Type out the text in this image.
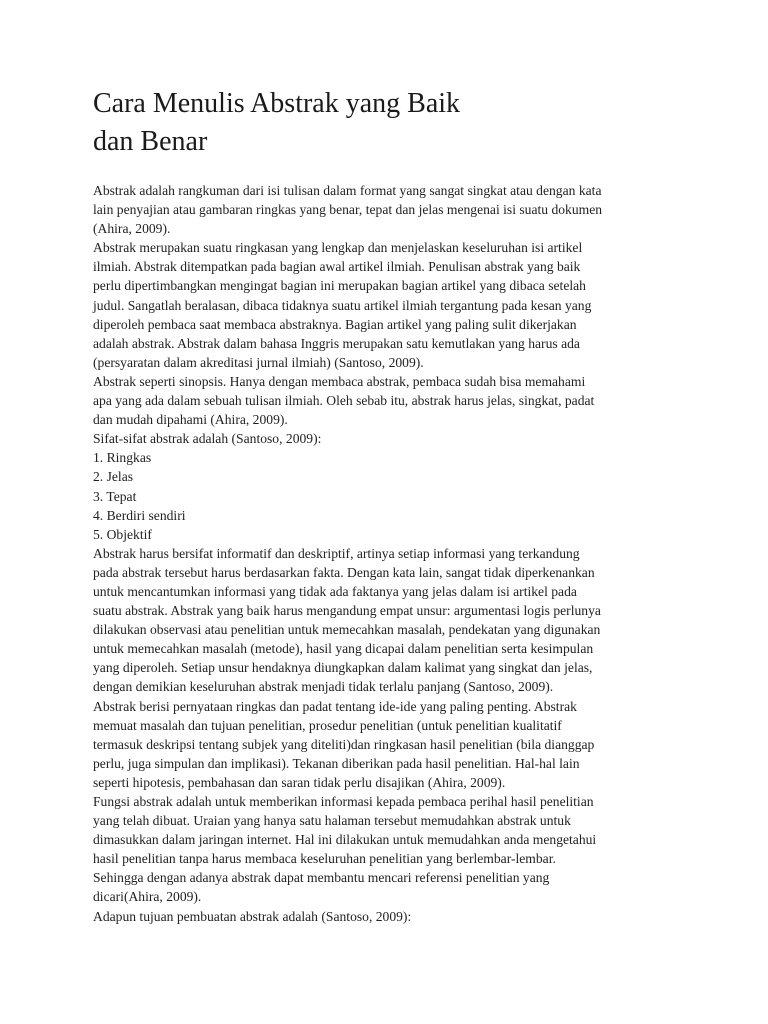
Cara Menulis Abstrak yang Baik
dan Benar
Abstrak adalah rangkuman dari isi tulisan dalam format yang sangat singkat atau dengan kata
lain penyajian atau gambaran ringkas yang benar, tepat dan jelas mengenai isi suatu dokumen
(Ahira, 2009).
Abstrak merupakan suatu ringkasan yang lengkap dan menjelaskan keseluruhan isi artikel
ilmiah. Abstrak ditempatkan pada bagian awal artikel ilmiah. Penulisan abstrak yang baik
perlu dipertimbangkan mengingat bagian ini merupakan bagian artikel yang dibaca setelah
judul. Sangatlah beralasan, dibaca tidaknya suatu artikel ilmiah tergantung pada kesan yang
diperoleh pembaca saat membaca abstraknya. Bagian artikel yang paling sulit dikerjakan
adalah abstrak. Abstrak dalam bahasa Inggris merupakan satu kemutlakan yang harus ada
(persyaratan dalam akreditasi jurnal ilmiah) (Santoso, 2009).
Abstrak seperti sinopsis. Hanya dengan membaca abstrak, pembaca sudah bisa memahami
apa yang ada dalam sebuah tulisan ilmiah. Oleh sebab itu, abstrak harus jelas, singkat, padat
dan mudah dipahami (Ahira, 2009).
Sifat-sifat abstrak adalah (Santoso, 2009):
1. Ringkas
2. Jelas
3. Tepat
4. Berdiri sendiri
5. Objektif
Abstrak harus bersifat informatif dan deskriptif, artinya setiap informasi yang terkandung
pada abstrak tersebut harus berdasarkan fakta. Dengan kata lain, sangat tidak diperkenankan
untuk mencantumkan informasi yang tidak ada faktanya yang jelas dalam isi artikel pada
suatu abstrak. Abstrak yang baik harus mengandung empat unsur: argumentasi logis perlunya
dilakukan observasi atau penelitian untuk memecahkan masalah, pendekatan yang digunakan
untuk memecahkan masalah (metode), hasil yang dicapai dalam penelitian serta kesimpulan
yang diperoleh. Setiap unsur hendaknya diungkapkan dalam kalimat yang singkat dan jelas,
dengan demikian keseluruhan abstrak menjadi tidak terlalu panjang (Santoso, 2009).
Abstrak berisi pernyataan ringkas dan padat tentang ide-ide yang paling penting. Abstrak
memuat masalah dan tujuan penelitian, prosedur penelitian (untuk penelitian kualitatif
termasuk deskripsi tentang subjek yang diteliti)dan ringkasan hasil penelitian (bila dianggap
perlu, juga simpulan dan implikasi). Tekanan diberikan pada hasil penelitian. Hal-hal lain
seperti hipotesis, pembahasan dan saran tidak perlu disajikan (Ahira, 2009).
Fungsi abstrak adalah untuk memberikan informasi kepada pembaca perihal hasil penelitian
yang telah dibuat. Uraian yang hanya satu halaman tersebut memudahkan abstrak untuk
dimasukkan dalam jaringan internet. Hal ini dilakukan untuk memudahkan anda mengetahui
hasil penelitian tanpa harus membaca keseluruhan penelitian yang berlembar-lembar.
Sehingga dengan adanya abstrak dapat membantu mencari referensi penelitian yang
dicari(Ahira, 2009).
Adapun tujuan pembuatan abstrak adalah (Santoso, 2009):
